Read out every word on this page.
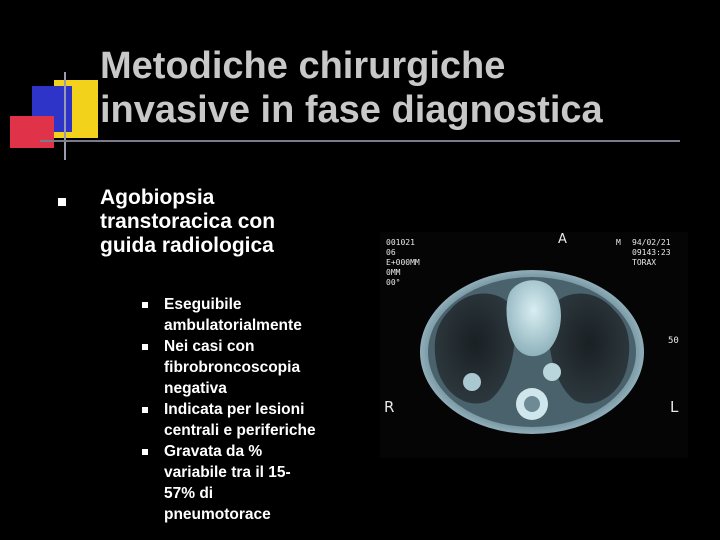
Metodiche chirurgiche
invasive in fase diagnostica
Agobiopsia
transtoracica con
guida radiologica
Eseguibile
ambulatorialmente
Nei casi con
fibrobroncoscopia
negativa
Indicata per lesioni
centrali e periferiche
Gravata da %
variabile tra il 15-
57% di
pneumotorace
001021
06
E+000MM
0MM
00°
A	M 94/02/21
09143:23
TORAX
50
R	L
